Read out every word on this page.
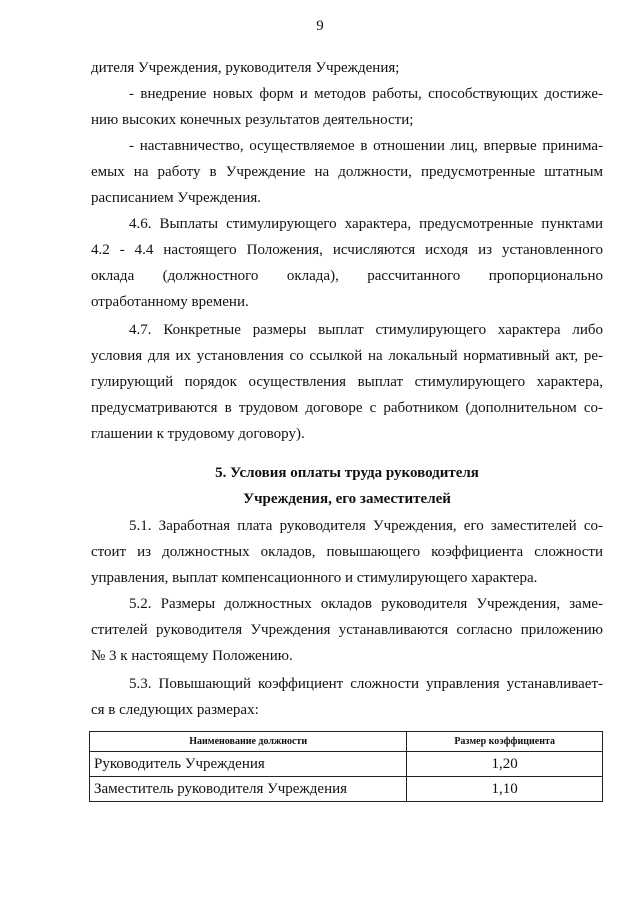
9
дителя Учреждения, руководителя Учреждения;
- внедрение новых форм и методов работы, способствующих достиже-
нию высоких конечных результатов деятельности;
- наставничество, осуществляемое в отношении лиц, впервые принима-
емых на работу в Учреждение на должности, предусмотренные штатным
расписанием Учреждения.
4.6. Выплаты стимулирующего характера, предусмотренные пунктами
4.2 - 4.4 настоящего Положения, исчисляются исходя из установленного
оклада (должностного оклада), рассчитанного пропорционально
отработанному времени.
4.7. Конкретные размеры выплат стимулирующего характера либо
условия для их установления со ссылкой на локальный нормативный акт, ре-
гулирующий порядок осуществления выплат стимулирующего характера,
предусматриваются в трудовом договоре с работником (дополнительном со-
глашении к трудовому договору).
5. Условия оплаты труда руководителя
Учреждения, его заместителей
5.1. Заработная плата руководителя Учреждения, его заместителей со-
стоит из должностных окладов, повышающего коэффициента сложности
управления, выплат компенсационного и стимулирующего характера.
5.2. Размеры должностных окладов руководителя Учреждения, заме-
стителей руководителя Учреждения устанавливаются согласно приложению
№ 3 к настоящему Положению.
5.3. Повышающий коэффициент сложности управления устанавливает-
ся в следующих размерах:
Наименование должности	Размер коэффициента
Руководитель Учреждения	1,20
Заместитель руководителя Учреждения	1,10
